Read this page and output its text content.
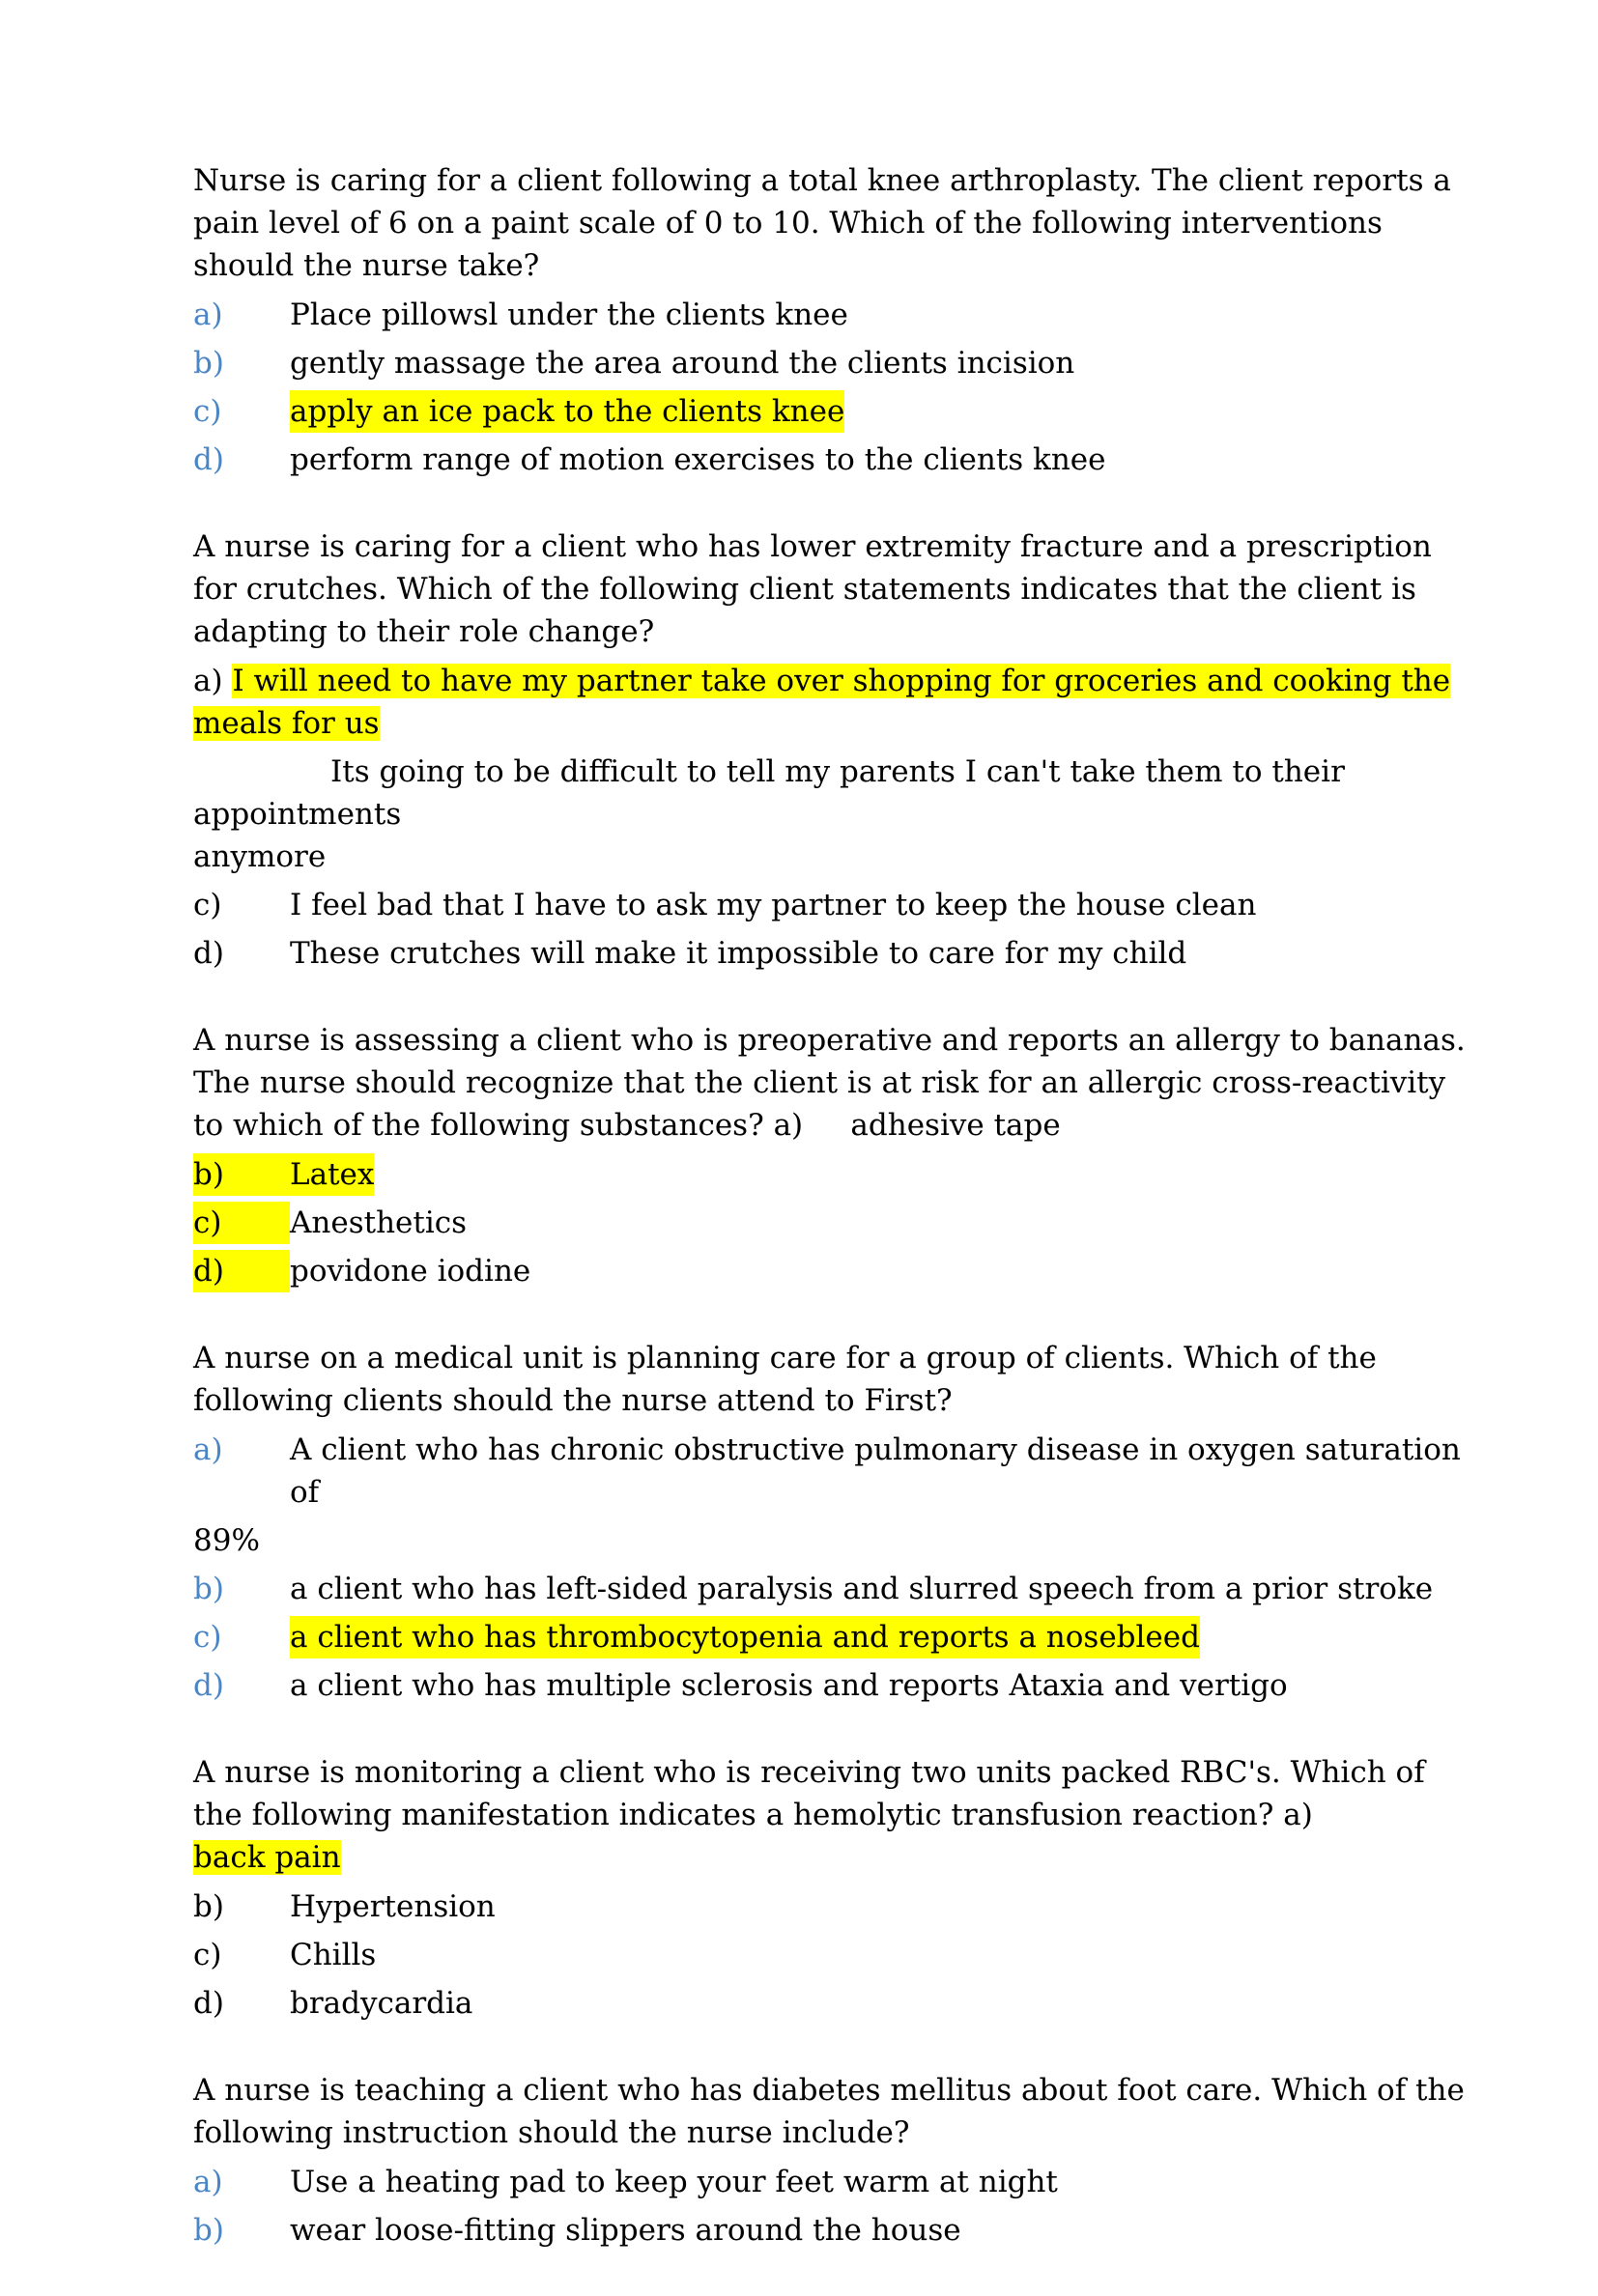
Nurse is caring for a client following a total knee arthroplasty. The client reports a pain level of 6 on a paint scale of 0 to 10. Which of the following interventions should the nurse take?

a)	Place pillowsl under the clients knee
b)	gently massage the area around the clients incision
c)	apply an ice pack to the clients knee
d)	perform range of motion exercises to the clients knee

A nurse is caring for a client who has lower extremity fracture and a prescription for crutches. Which of the following client statements indicates that the client is adapting to their role change?

a) I will need to have my partner take over shopping for groceries and cooking the meals for us
Its going to be difficult to tell my parents I can't take them to their appointments
anymore
c)	I feel bad that I have to ask my partner to keep the house clean
d)	These crutches will make it impossible to care for my child

A nurse is assessing a client who is preoperative and reports an allergy to bananas. The nurse should recognize that the client is at risk for an allergic cross-reactivity to which of the following substances? a) adhesive tape

b)	Latex
c)	Anesthetics
d)	povidone iodine

A nurse on a medical unit is planning care for a group of clients. Which of the following clients should the nurse attend to First?

a)	A client who has chronic obstructive pulmonary disease in oxygen saturation of
89%
b)	a client who has left-sided paralysis and slurred speech from a prior stroke
c)	a client who has thrombocytopenia and reports a nosebleed
d)	a client who has multiple sclerosis and reports Ataxia and vertigo

A nurse is monitoring a client who is receiving two units packed RBC's. Which of the following manifestation indicates a hemolytic transfusion reaction? a)         back pain

b)	Hypertension
c)	Chills
d)	bradycardia

A nurse is teaching a client who has diabetes mellitus about foot care. Which of the following instruction should the nurse include?

a)	Use a heating pad to keep your feet warm at night
b)	wear loose-fitting slippers around the house
